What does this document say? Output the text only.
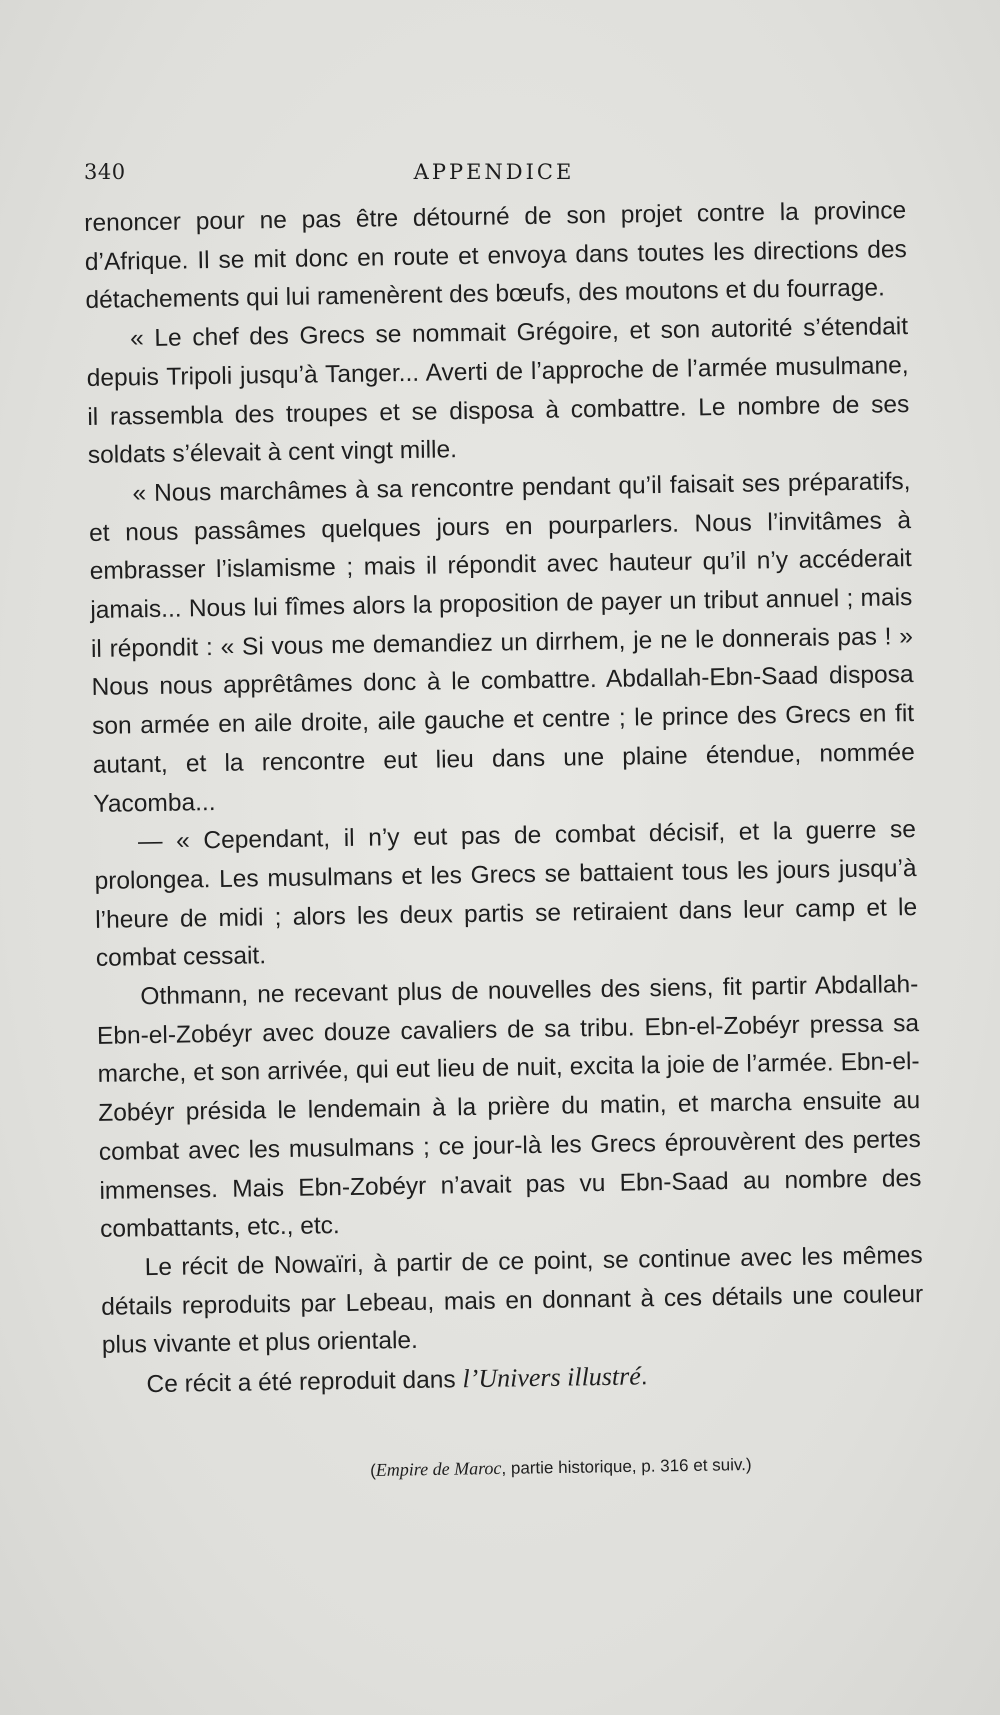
340	APPENDICE

renoncer pour ne pas être détourné de son projet contre la province d’Afrique. Il se mit donc en route et envoya dans toutes les directions des détachements qui lui ramenèrent des bœufs, des moutons et du fourrage.

« Le chef des Grecs se nommait Grégoire, et son autorité s’étendait depuis Tripoli jusqu’à Tanger... Averti de l’approche de l’armée musulmane, il rassembla des troupes et se disposa à combattre. Le nombre de ses soldats s’élevait à cent vingt mille.

« Nous marchâmes à sa rencontre pendant qu’il faisait ses préparatifs, et nous passâmes quelques jours en pourparlers. Nous l’invitâmes à embrasser l’islamisme ; mais il répondit avec hauteur qu’il n’y accéderait jamais... Nous lui fîmes alors la proposition de payer un tribut annuel ; mais il répondit : « Si vous me demandiez un dirrhem, je ne le donnerais pas ! » Nous nous apprêtâmes donc à le combattre. Abdallah-Ebn-Saad disposa son armée en aile droite, aile gauche et centre ; le prince des Grecs en fit autant, et la rencontre eut lieu dans une plaine étendue, nommée Yacomba...

— « Cependant, il n’y eut pas de combat décisif, et la guerre se prolongea. Les musulmans et les Grecs se battaient tous les jours jusqu’à l’heure de midi ; alors les deux partis se retiraient dans leur camp et le combat cessait.

Othmann, ne recevant plus de nouvelles des siens, fit partir Abdallah-Ebn-el-Zobéyr avec douze cavaliers de sa tribu. Ebn-el-Zobéyr pressa sa marche, et son arrivée, qui eut lieu de nuit, excita la joie de l’armée. Ebn-el-Zobéyr présida le lendemain à la prière du matin, et marcha ensuite au combat avec les musulmans ; ce jour-là les Grecs éprouvèrent des pertes immenses. Mais Ebn-Zobéyr n’avait pas vu Ebn-Saad au nombre des combattants, etc., etc.

Le récit de Nowaïri, à partir de ce point, se continue avec les mêmes détails reproduits par Lebeau, mais en donnant à ces détails une couleur plus vivante et plus orientale.

Ce récit a été reproduit dans l’Univers illustré.

(Empire de Maroc, partie historique, p. 316 et suiv.)
